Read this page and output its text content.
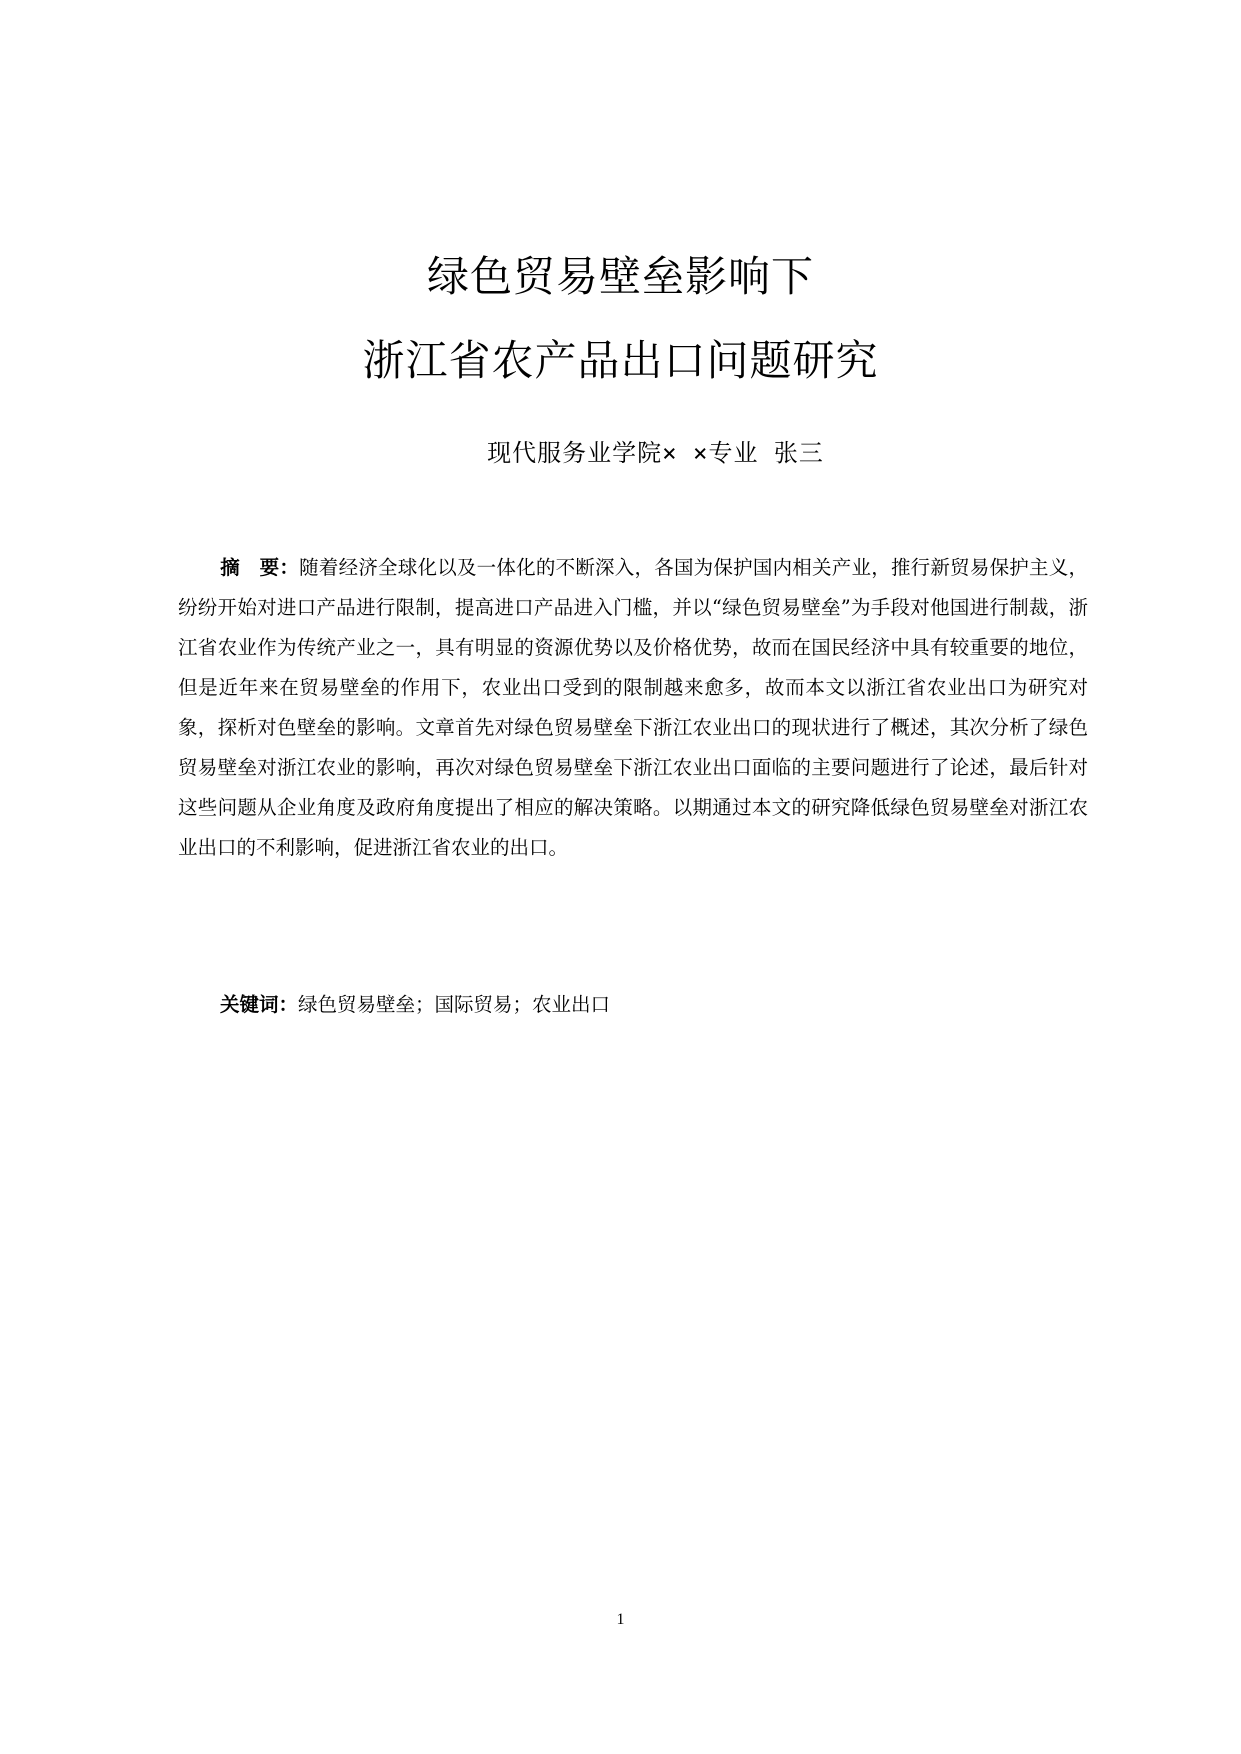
绿色贸易壁垒影响下
浙江省农产品出口问题研究
现代服务业学院× ×专业 张三

摘　要：随着经济全球化以及一体化的不断深入，各国为保护国内相关产业，推行新贸易保护主义，纷纷开始对进口产品进行限制，提高进口产品进入门槛，并以“绿色贸易壁垒”为手段对他国进行制裁，浙江省农业作为传统产业之一，具有明显的资源优势以及价格优势，故而在国民经济中具有较重要的地位，但是近年来在贸易壁垒的作用下，农业出口受到的限制越来愈多，故而本文以浙江省农业出口为研究对象，探析对色壁垒的影响。文章首先对绿色贸易壁垒下浙江农业出口的现状进行了概述，其次分析了绿色贸易壁垒对浙江农业的影响，再次对绿色贸易壁垒下浙江农业出口面临的主要问题进行了论述，最后针对这些问题从企业角度及政府角度提出了相应的解决策略。以期通过本文的研究降低绿色贸易壁垒对浙江农业出口的不利影响，促进浙江省农业的出口。

关键词：绿色贸易壁垒；国际贸易；农业出口

1
